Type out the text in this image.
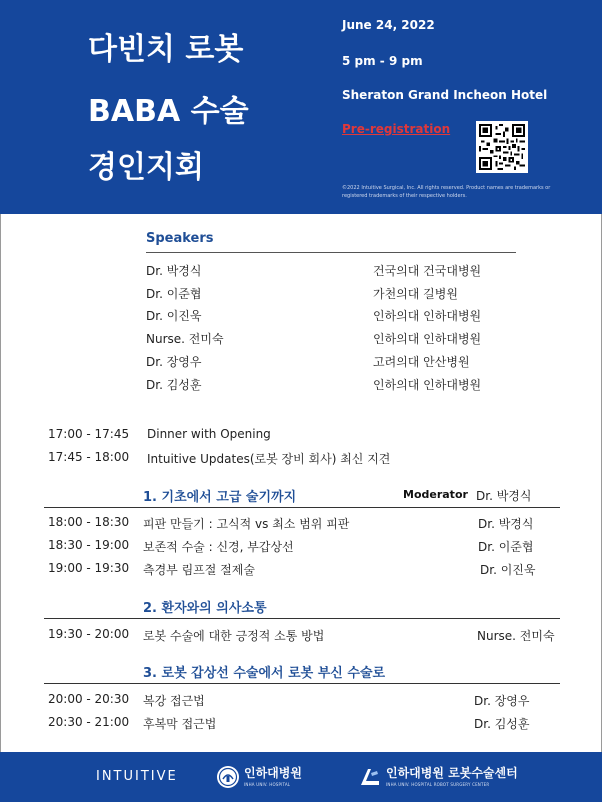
다빈치 로봇
BABA 수술
경인지회
June 24, 2022
5 pm - 9 pm
Sheraton Grand Incheon Hotel
Pre-registration
©2022 Intuitive Surgical, Inc. All rights reserved. Product names are trademarks or registered trademarks of their respective holders.
Speakers
Dr. 박경식	건국의대 건국대병원
Dr. 이준협	가천의대 길병원
Dr. 이진욱	인하의대 인하대병원
Nurse. 전미숙	인하의대 인하대병원
Dr. 장영우	고려의대 안산병원
Dr. 김성훈	인하의대 인하대병원
17:00 - 17:45 Dinner with Opening
17:45 - 18:00 Intuitive Updates(로봇 장비 회사) 최신 지견
1. 기초에서 고급 술기까지	Moderator Dr. 박경식
18:00 - 18:30 피판 만들기 : 고식적 vs 최소 범위 피판	Dr. 박경식
18:30 - 19:00 보존적 수술 : 신경, 부갑상선	Dr. 이준협
19:00 - 19:30 측경부 림프절 절제술	Dr. 이진욱
2. 환자와의 의사소통
19:30 - 20:00 로봇 수술에 대한 긍정적 소통 방법	Nurse. 전미숙
3. 로봇 갑상선 수술에서 로봇 부신 수술로
20:00 - 20:30 복강 접근법	Dr. 장영우
20:30 - 21:00 후복막 접근법	Dr. 김성훈
INTUITIVE	인하대병원
INHA UNIV. HOSPITAL
인하대병원 로봇수술센터
INHA UNIV. HOSPITAL ROBOT SURGERY CENTER
